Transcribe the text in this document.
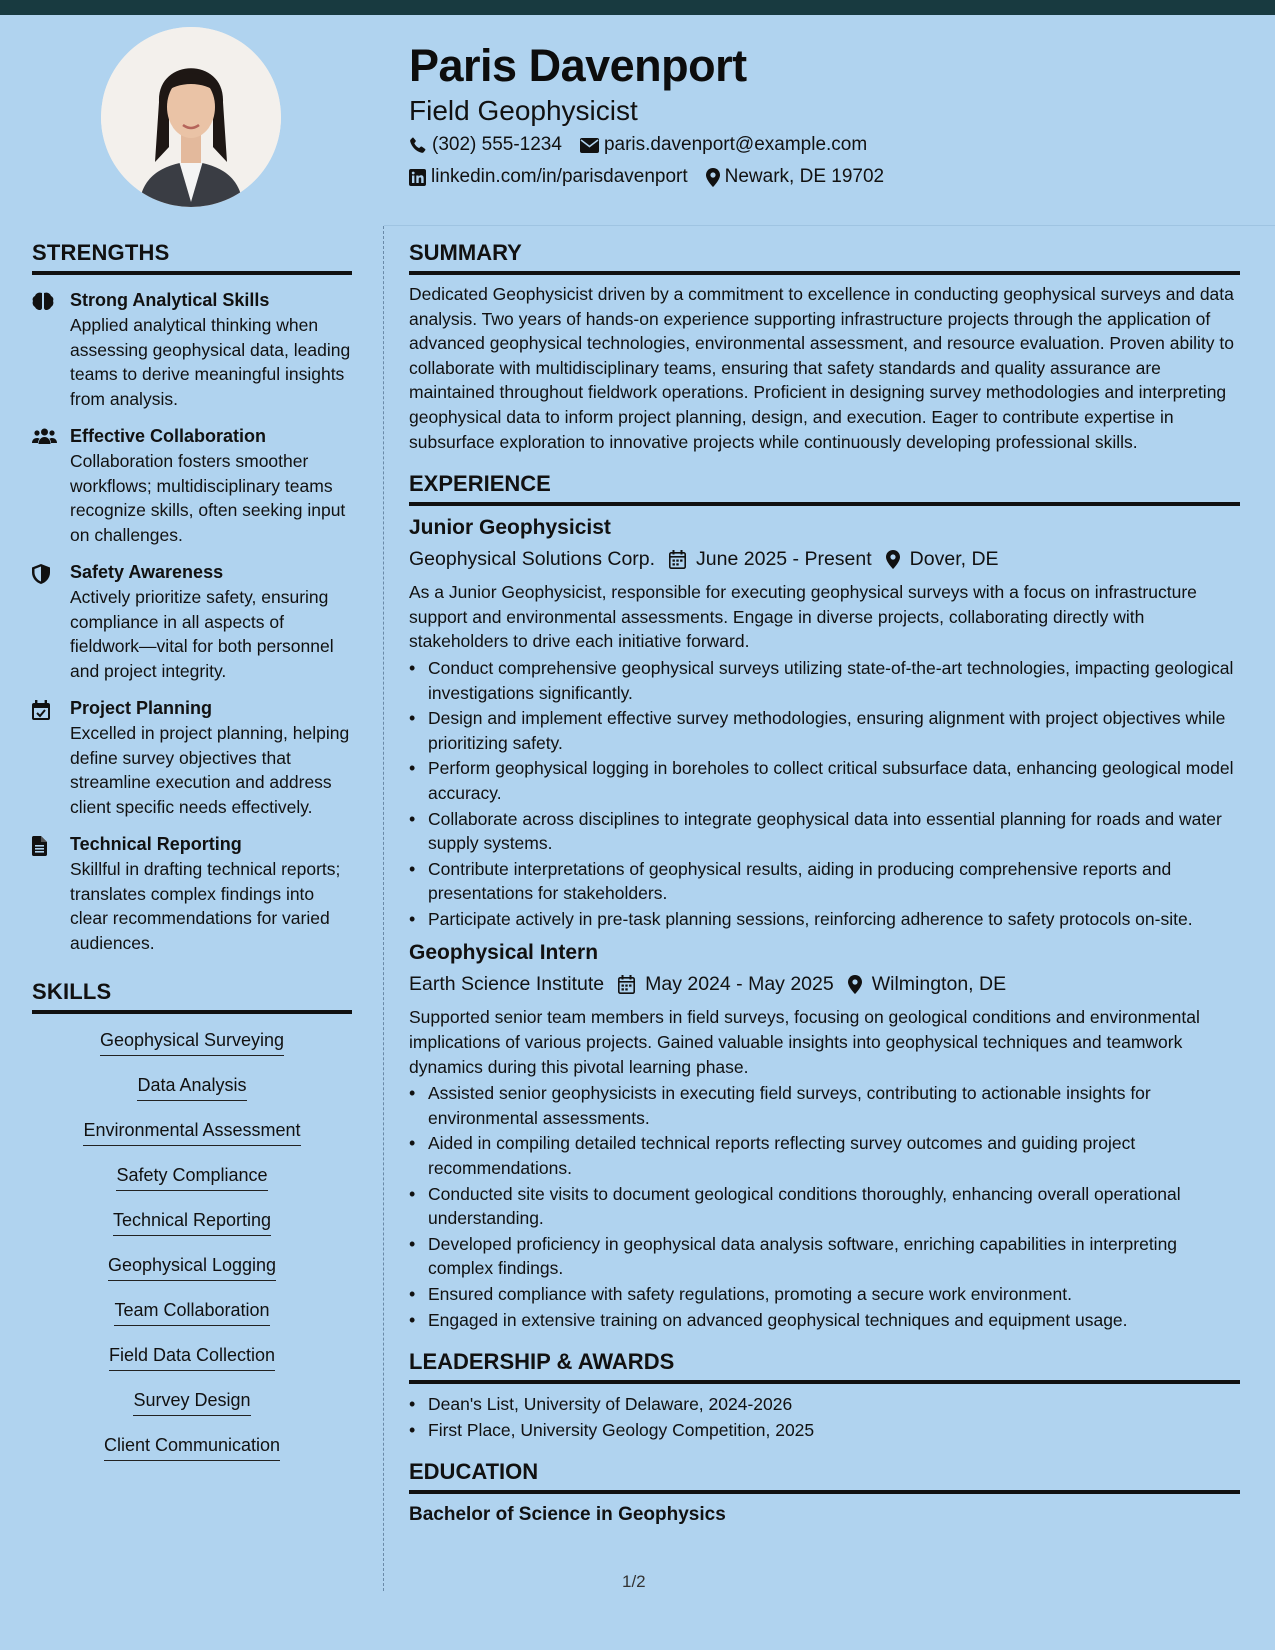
Paris Davenport
Field Geophysicist
(302) 555-1234 paris.davenport@example.com
linkedin.com/in/parisdavenport Newark, DE 19702
STRENGTHS
Strong Analytical Skills
Applied analytical thinking when assessing geophysical data, leading teams to derive meaningful insights from analysis.
Effective Collaboration
Collaboration fosters smoother workflows; multidisciplinary teams recognize skills, often seeking input on challenges.
Safety Awareness
Actively prioritize safety, ensuring compliance in all aspects of fieldwork—vital for both personnel and project integrity.
Project Planning
Excelled in project planning, helping define survey objectives that streamline execution and address client specific needs effectively.
Technical Reporting
Skillful in drafting technical reports; translates complex findings into clear recommendations for varied audiences.
SKILLS
Geophysical Surveying
Data Analysis
Environmental Assessment
Safety Compliance
Technical Reporting
Geophysical Logging
Team Collaboration
Field Data Collection
Survey Design
Client Communication
SUMMARY
Dedicated Geophysicist driven by a commitment to excellence in conducting geophysical surveys and data analysis. Two years of hands-on experience supporting infrastructure projects through the application of advanced geophysical technologies, environmental assessment, and resource evaluation. Proven ability to collaborate with multidisciplinary teams, ensuring that safety standards and quality assurance are maintained throughout fieldwork operations. Proficient in designing survey methodologies and interpreting geophysical data to inform project planning, design, and execution. Eager to contribute expertise in subsurface exploration to innovative projects while continuously developing professional skills.
EXPERIENCE
Junior Geophysicist
Geophysical Solutions Corp. June 2025 - Present Dover, DE
As a Junior Geophysicist, responsible for executing geophysical surveys with a focus on infrastructure support and environmental assessments. Engage in diverse projects, collaborating directly with stakeholders to drive each initiative forward.
• Conduct comprehensive geophysical surveys utilizing state-of-the-art technologies, impacting geological investigations significantly.
• Design and implement effective survey methodologies, ensuring alignment with project objectives while prioritizing safety.
• Perform geophysical logging in boreholes to collect critical subsurface data, enhancing geological model accuracy.
• Collaborate across disciplines to integrate geophysical data into essential planning for roads and water supply systems.
• Contribute interpretations of geophysical results, aiding in producing comprehensive reports and presentations for stakeholders.
• Participate actively in pre-task planning sessions, reinforcing adherence to safety protocols on-site.
Geophysical Intern
Earth Science Institute May 2024 - May 2025 Wilmington, DE
Supported senior team members in field surveys, focusing on geological conditions and environmental implications of various projects. Gained valuable insights into geophysical techniques and teamwork dynamics during this pivotal learning phase.
• Assisted senior geophysicists in executing field surveys, contributing to actionable insights for environmental assessments.
• Aided in compiling detailed technical reports reflecting survey outcomes and guiding project recommendations.
• Conducted site visits to document geological conditions thoroughly, enhancing overall operational understanding.
• Developed proficiency in geophysical data analysis software, enriching capabilities in interpreting complex findings.
• Ensured compliance with safety regulations, promoting a secure work environment.
• Engaged in extensive training on advanced geophysical techniques and equipment usage.
LEADERSHIP & AWARDS
• Dean's List, University of Delaware, 2024-2026
• First Place, University Geology Competition, 2025
EDUCATION
Bachelor of Science in Geophysics
1/2
